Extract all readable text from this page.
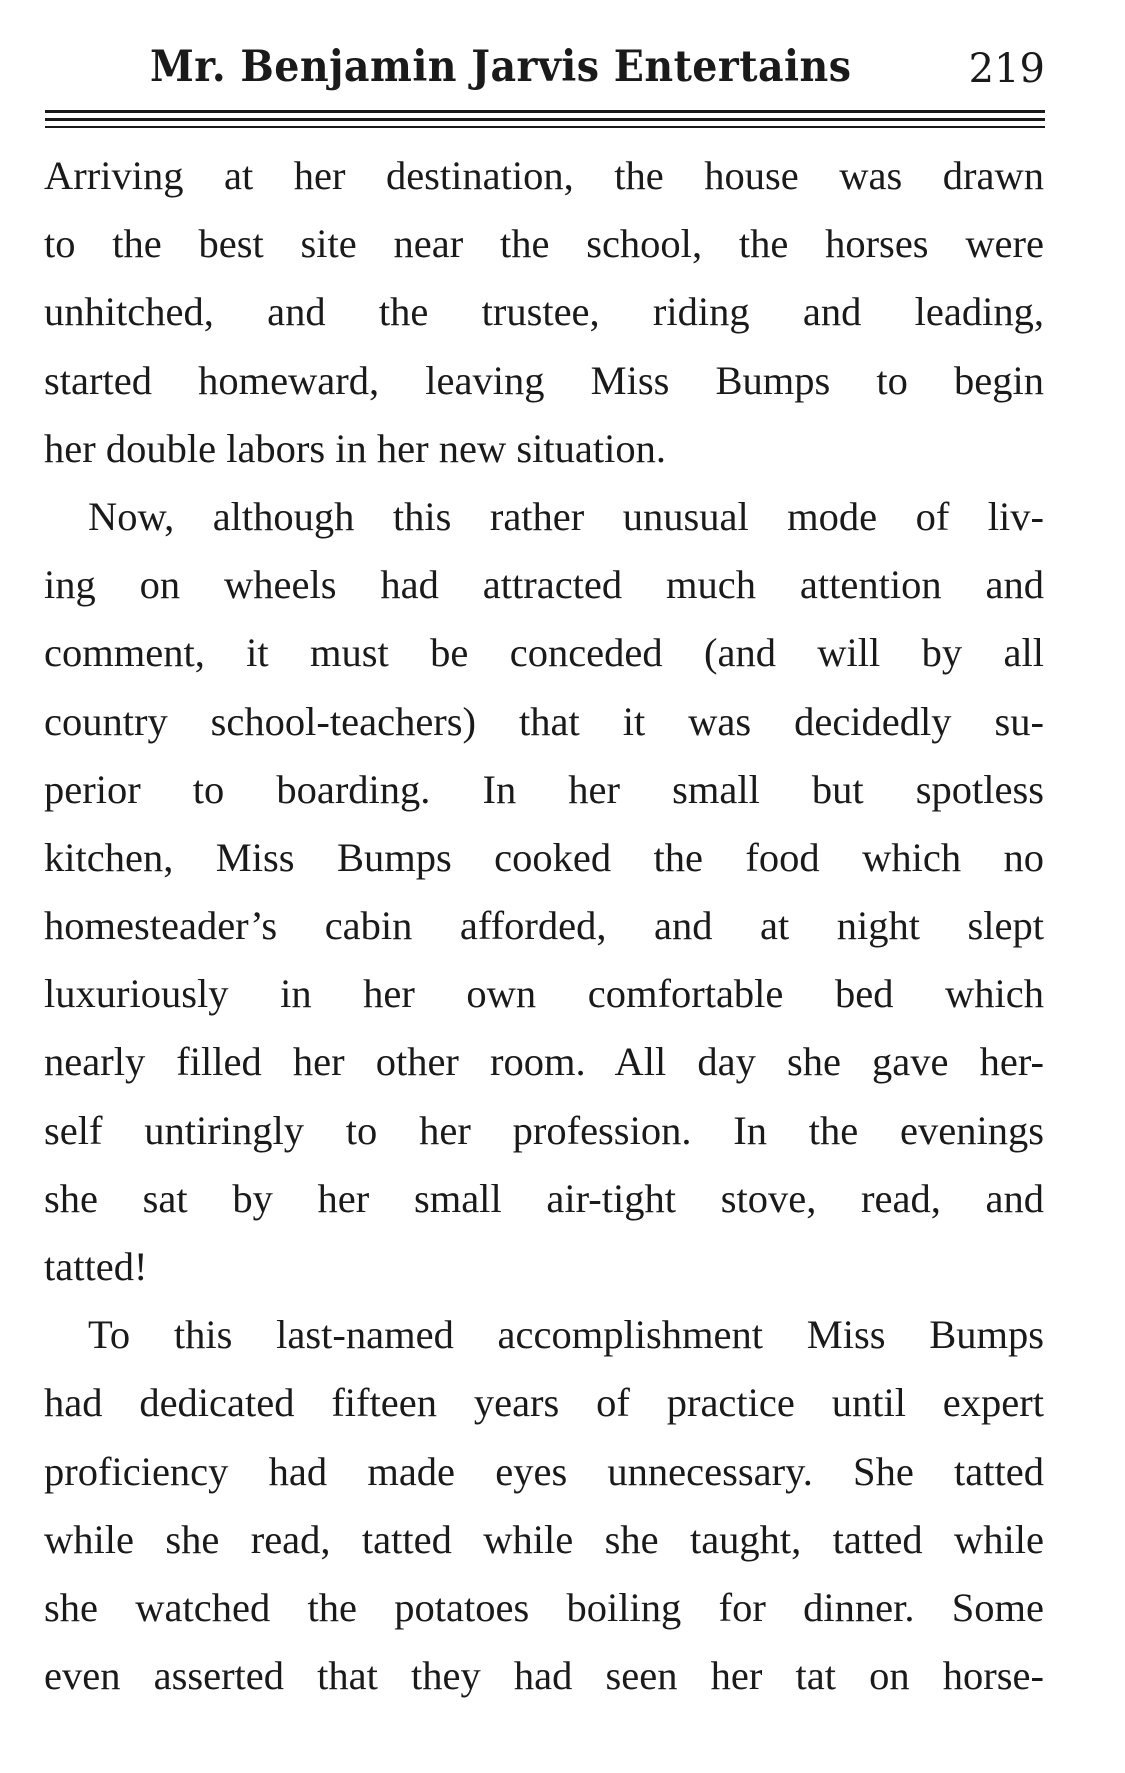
Mr. Benjamin Jarvis Entertains	219

Arriving at her destination, the house was drawn
to the best site near the school, the horses were
unhitched, and the trustee, riding and leading,
started homeward, leaving Miss Bumps to begin
her double labors in her new situation.

Now, although this rather unusual mode of liv-
ing on wheels had attracted much attention and
comment, it must be conceded (and will by all
country school-teachers) that it was decidedly su-
perior to boarding. In her small but spotless
kitchen, Miss Bumps cooked the food which no
homesteader’s cabin afforded, and at night slept
luxuriously in her own comfortable bed which
nearly filled her other room. All day she gave her-
self untiringly to her profession. In the evenings
she sat by her small air-tight stove, read, and
tatted!

To this last-named accomplishment Miss Bumps
had dedicated fifteen years of practice until expert
proficiency had made eyes unnecessary. She tatted
while she read, tatted while she taught, tatted while
she watched the potatoes boiling for dinner. Some
even asserted that they had seen her tat on horse-
